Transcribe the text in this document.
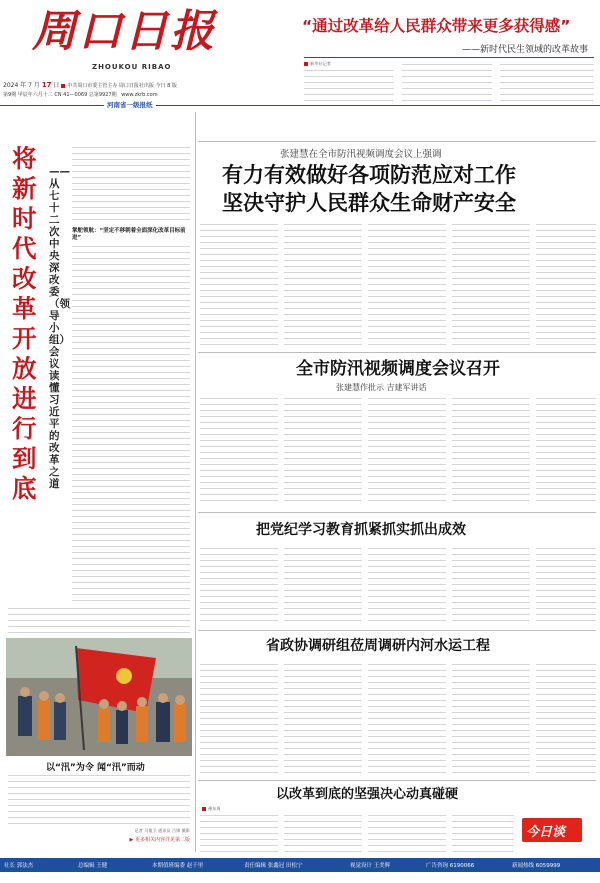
周口日报
ZHOUKOU RIBAO
2024 年 7 月 17 日 中共周口市委主管主办 周口日报社出版 今日 8 版
第9期 甲辰年六月十二 CN 41—0069 总第9927期 www.zkrb.com
“通过改革给人民群众带来更多获得感”
——新时代民生领域的改革故事
新华社记者
河南省一级报纸
将新时代改革开放进行到底
——从七十二次中央深改委（领导小组）会议读懂习近平的改革之道
掌舵领航：“坚定不移朝着全面深化改革目标前进”
以“汛”为令 闻“汛”而动
记者 马俊卫 通讯员 吕锦 摄影
▶ 更多相关内容详见第二版
张建慧在全市防汛视频调度会议上强调
有力有效做好各项防范应对工作
坚决守护人民群众生命财产安全
全市防汛视频调度会议召开
张建慧作批示 吉建军讲话
把党纪学习教育抓紧抓实抓出成效
省政协调研组莅周调研内河水运工程
以改革到底的坚强决心动真碰硬
豫东周
今日谈
社长 郭法杰	总编辑 王健	本期值班编委 赵千里	责任编辑 张鑫冠 田松宁	视觉设计 王美辉	广告咨询 6190066	新闻热线 6059999
